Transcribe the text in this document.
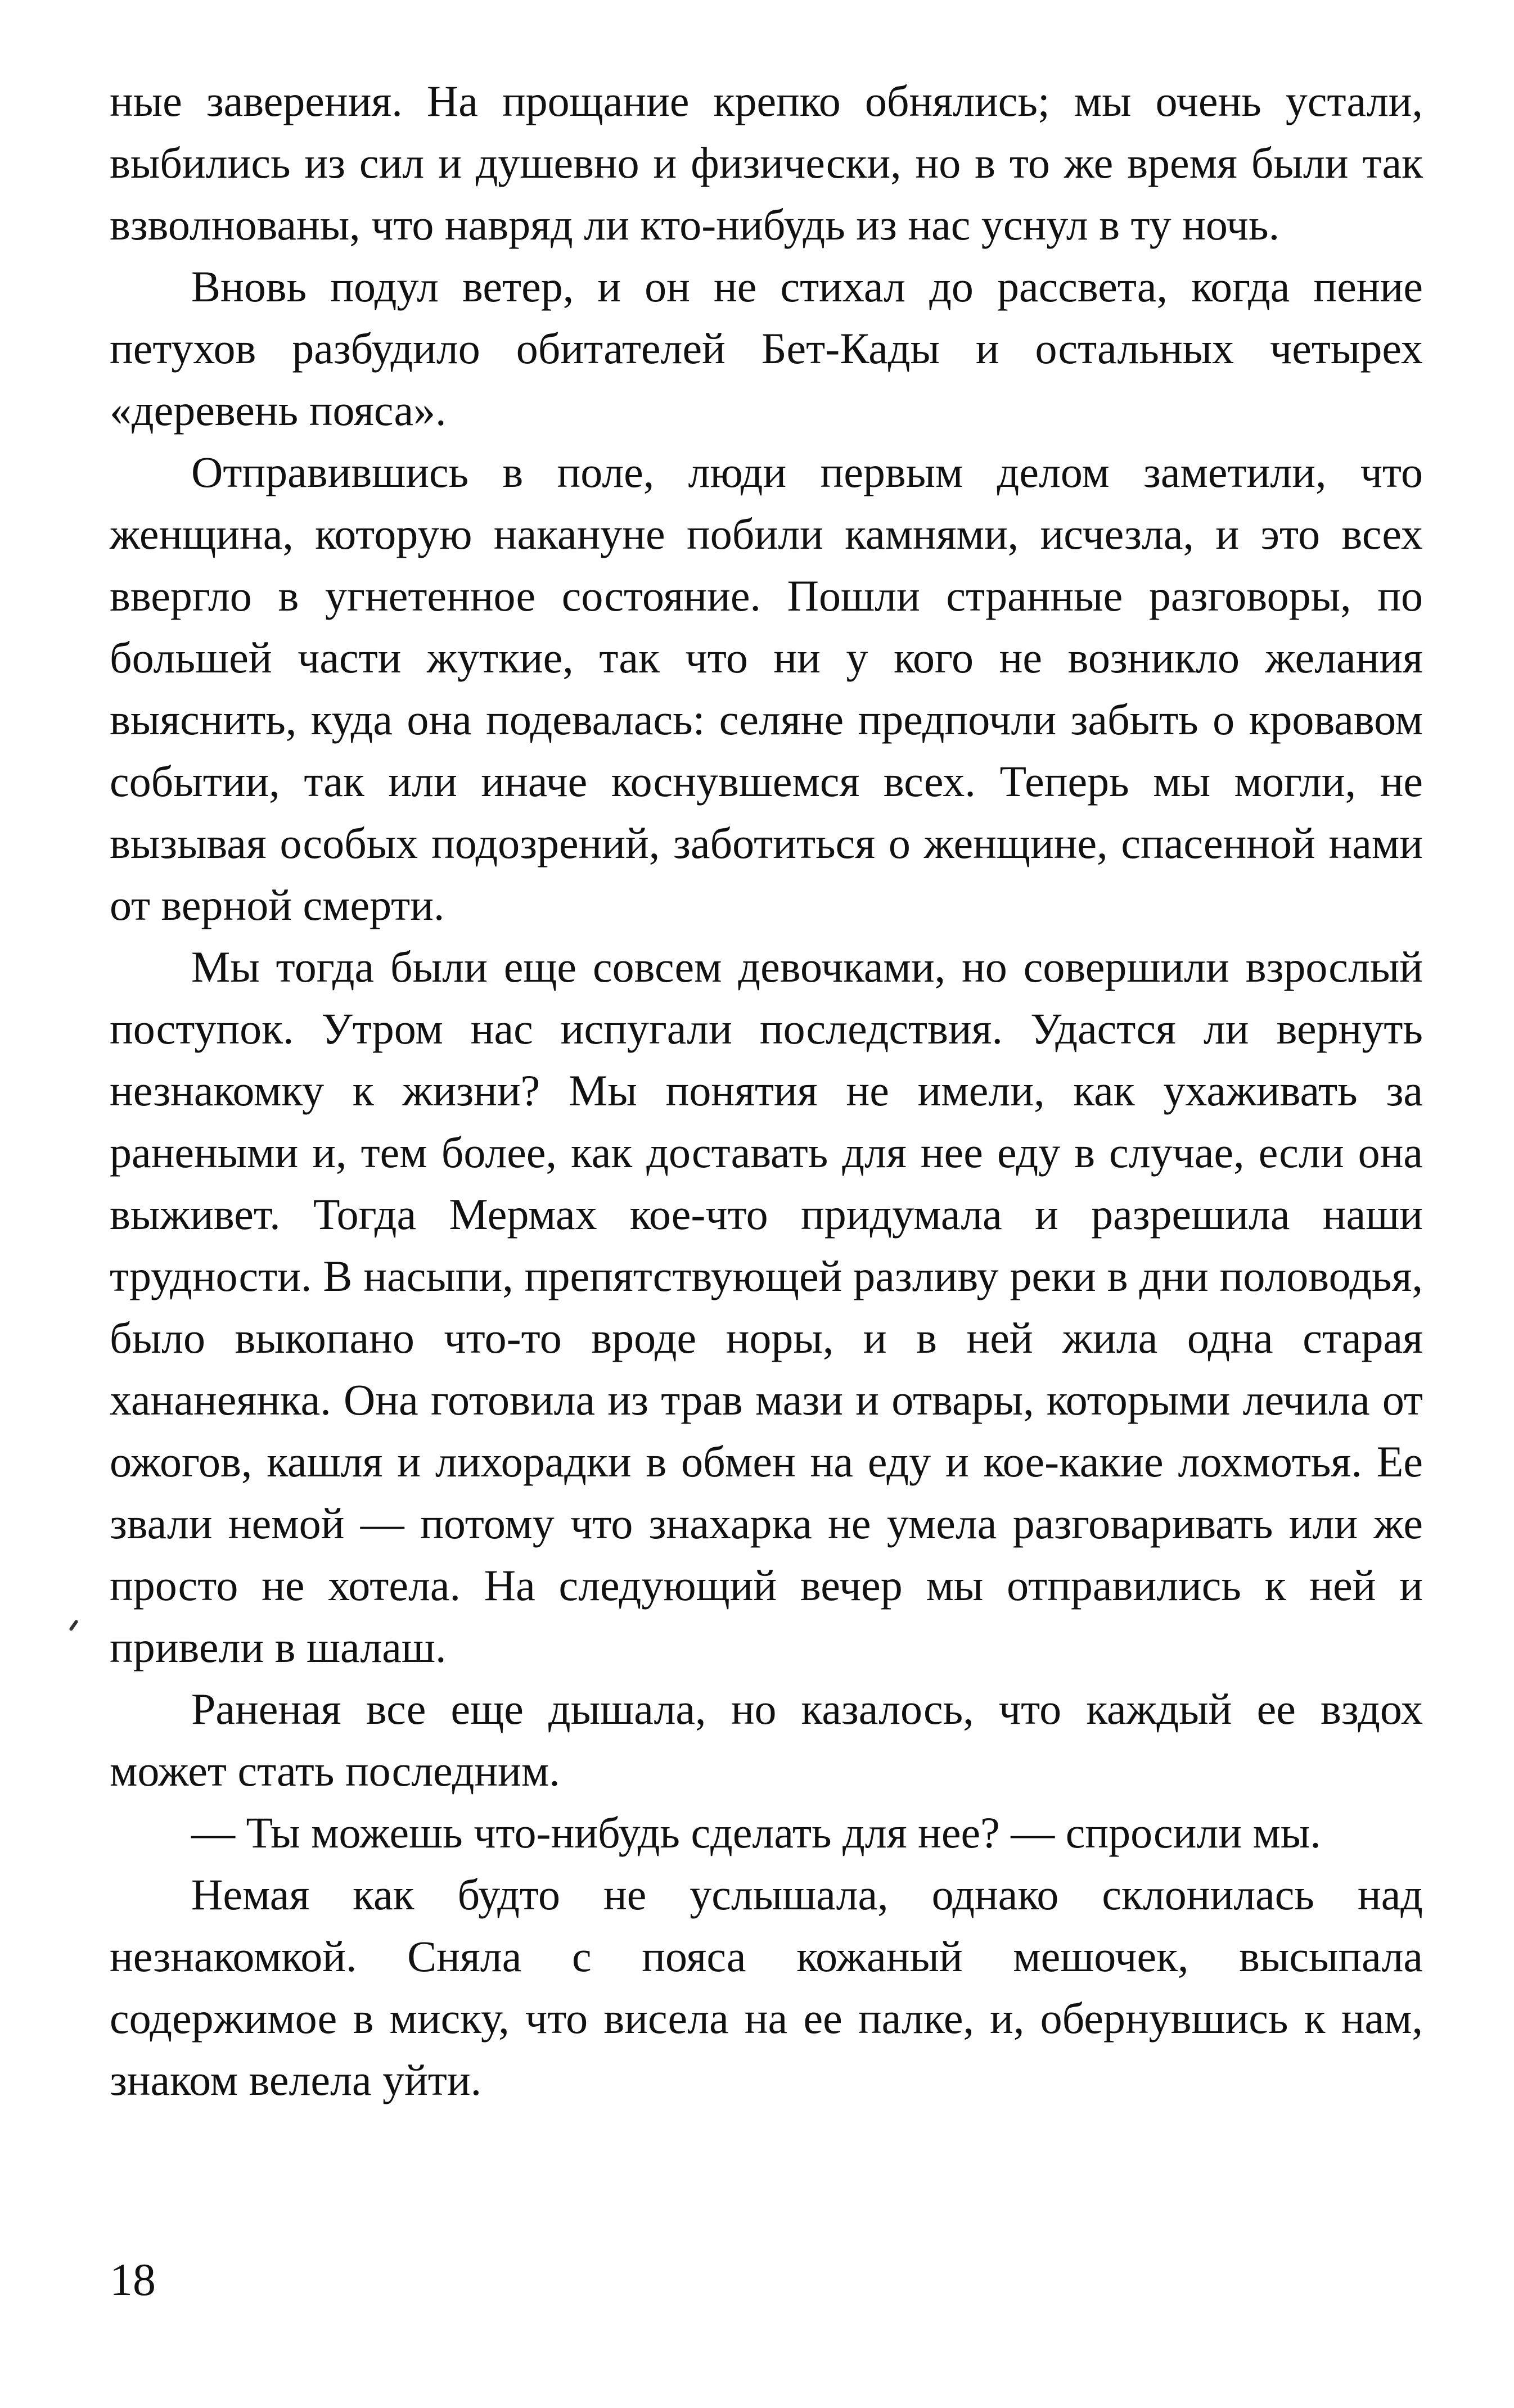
ные заверения. На прощание крепко обнялись; мы очень устали, выбились из сил и душевно и физически, но в то же время были так взволнованы, что навряд ли кто-нибудь из нас уснул в ту ночь.

Вновь подул ветер, и он не стихал до рассвета, когда пение петухов разбудило обитателей Бет-Кады и остальных четырех «деревень пояса».

Отправившись в поле, люди первым делом заметили, что женщина, которую накануне побили камнями, исчезла, и это всех ввергло в угнетенное состояние. Пошли странные разговоры, по большей части жуткие, так что ни у кого не возникло желания выяснить, куда она подевалась: селяне предпочли забыть о кровавом событии, так или иначе коснувшемся всех. Теперь мы могли, не вызывая особых подозрений, заботиться о женщине, спасенной нами от верной смерти.

Мы тогда были еще совсем девочками, но совершили взрослый поступок. Утром нас испугали последствия. Удастся ли вернуть незнакомку к жизни? Мы понятия не имели, как ухаживать за ранеными и, тем более, как доставать для нее еду в случае, если она выживет. Тогда Мермах кое-что придумала и разрешила наши трудности. В насыпи, препятствующей разливу реки в дни половодья, было выкопано что-то вроде норы, и в ней жила одна старая хананеянка. Она готовила из трав мази и отвары, которыми лечила от ожогов, кашля и лихорадки в обмен на еду и кое-какие лохмотья. Ее звали немой — потому что знахарка не умела разговаривать или же просто не хотела. На следующий вечер мы отправились к ней и привели в шалаш.

Раненая все еще дышала, но казалось, что каждый ее вздох может стать последним.

— Ты можешь что-нибудь сделать для нее? — спросили мы.

Немая как будто не услышала, однако склонилась над незнакомкой. Сняла с пояса кожаный мешочек, высыпала содержимое в миску, что висела на ее палке, и, обернувшись к нам, знаком велела уйти.

18
